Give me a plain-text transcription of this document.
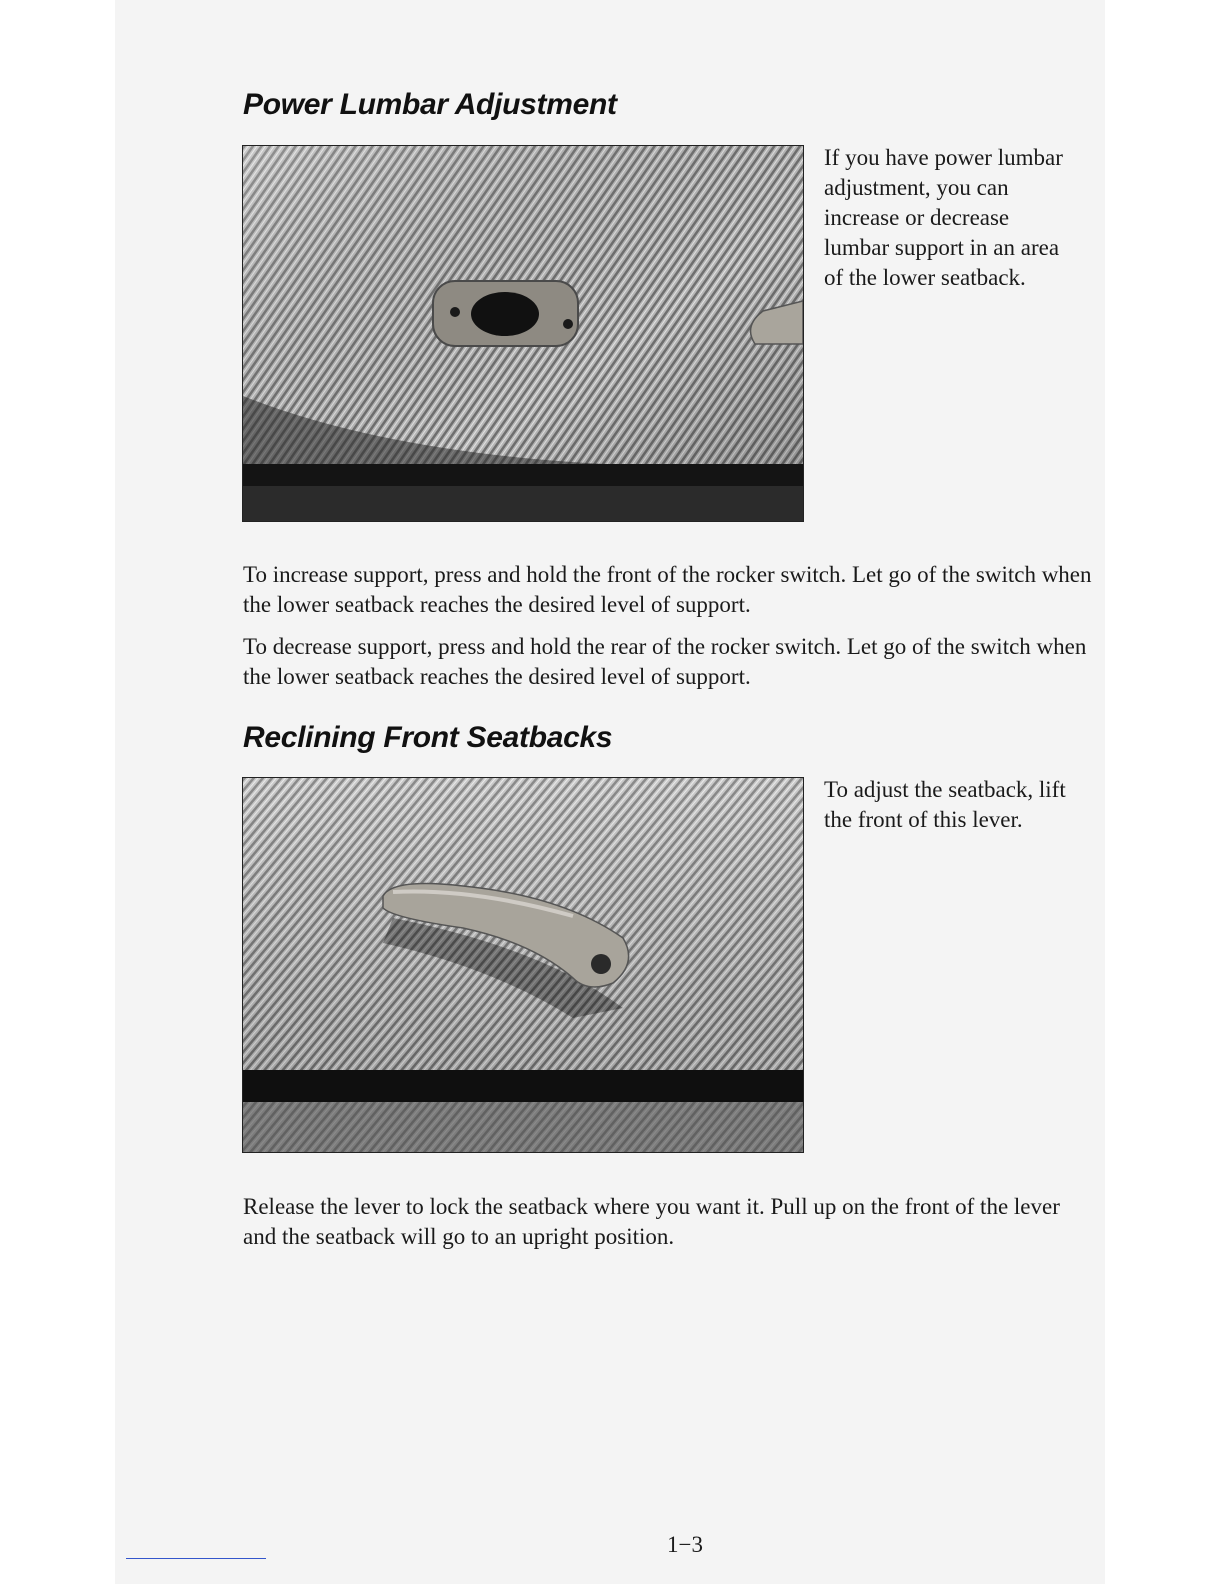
Power Lumbar Adjustment

If you have power lumbar adjustment, you can increase or decrease lumbar support in an area of the lower seatback.

To increase support, press and hold the front of the rocker switch. Let go of the switch when the lower seatback reaches the desired level of support.

To decrease support, press and hold the rear of the rocker switch. Let go of the switch when the lower seatback reaches the desired level of support.

Reclining Front Seatbacks

To adjust the seatback, lift the front of this lever.

Release the lever to lock the seatback where you want it. Pull up on the front of the lever and the seatback will go to an upright position.

1−3
